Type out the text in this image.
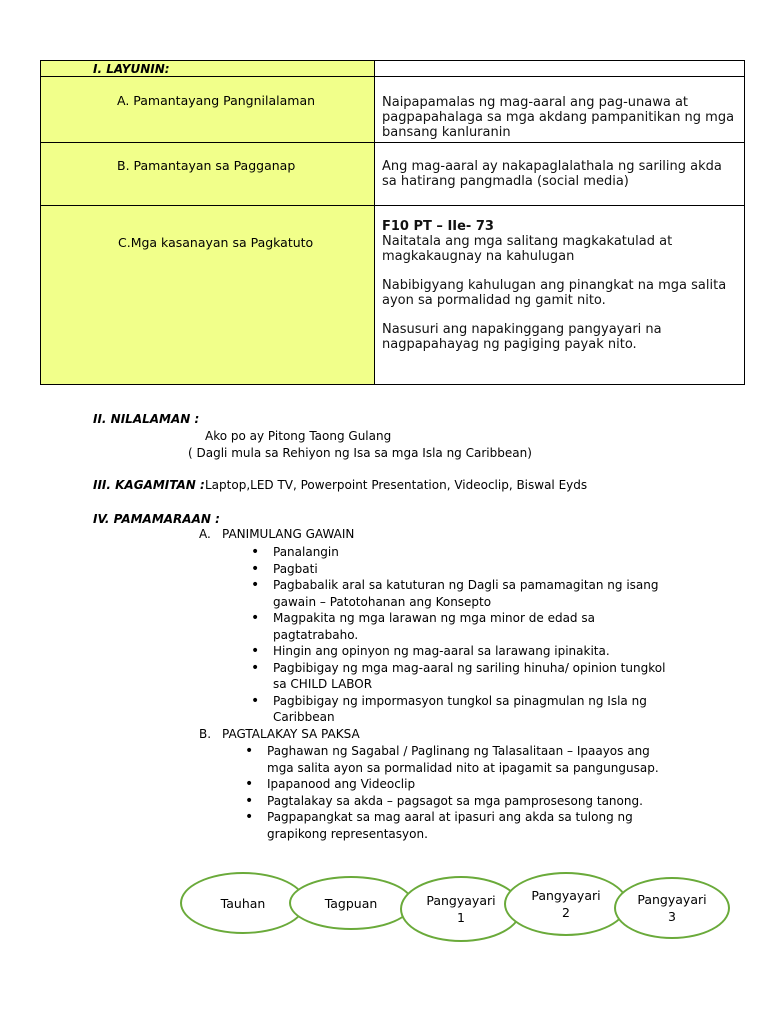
I. LAYUNIN:	

A. Pamantayang Pangnilalaman	Naipapamalas ng mag-aaral ang pag-unawa at pagpapahalaga sa mga akdang pampanitikan ng mga bansang kanluranin

B. Pamantayan sa Pagganap	Ang mag-aaral ay nakapaglalathala ng sariling akda sa hatirang pangmadla (social media)

C.Mga kasanayan sa Pagkatuto	F10 PT – IIe- 73
Naitatala ang mga salitang magkakatulad at magkakaugnay na kahulugan
Nabibigyang kahulugan ang pinangkat na mga salita ayon sa pormalidad ng gamit nito.
Nasusuri ang napakinggang pangyayari na nagpapahayag ng pagiging payak nito.
II. NILALAMAN :
Ako po ay Pitong Taong Gulang
( Dagli mula sa Rehiyon ng Isa sa mga Isla ng Caribbean)
III. KAGAMITAN : Laptop,LED TV, Powerpoint Presentation, Videoclip, Biswal Eyds
IV. PAMAMARAAN :
A. PANIMULANG GAWAIN
• Panalangin
• Pagbati
• Pagbabalik aral sa katuturan ng Dagli sa pamamagitan ng isang gawain – Patotohanan ang Konsepto
• Magpakita ng mga larawan ng mga minor de edad sa pagtatrabaho.
• Hingin ang opinyon ng mag-aaral sa larawang ipinakita.
• Pagbibigay ng mga mag-aaral ng sariling hinuha/ opinion tungkol sa CHILD LABOR
• Pagbibigay ng impormasyon tungkol sa pinagmulan ng Isla ng Caribbean
B. PAGTALAKAY SA PAKSA
• Paghawan ng Sagabal / Paglinang ng Talasalitaan – Ipaayos ang mga salita ayon sa pormalidad nito at ipagamit sa pangungusap.
• Ipapanood ang Videoclip
• Pagtalakay sa akda – pagsagot sa mga pamprosesong tanong.
• Pagpapangkat sa mag aaral at ipasuri ang akda sa tulong ng grapikong representasyon.
Tauhan	Tagpuan	Pangyayari
1
Pangyayari
2
Pangyayari
3
